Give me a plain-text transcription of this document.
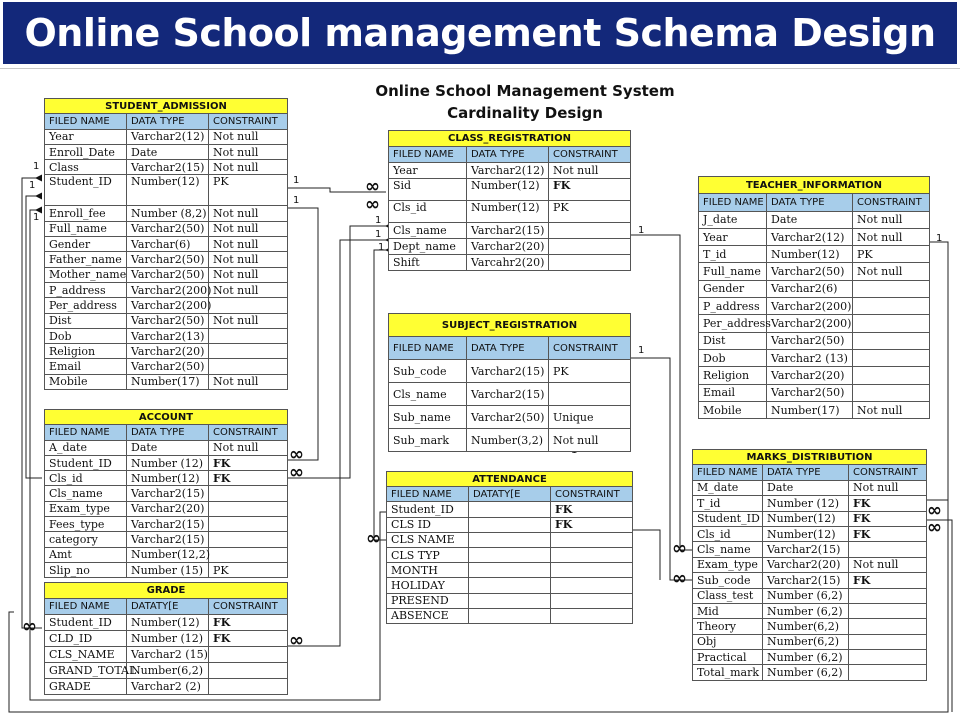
Online School management Schema Design
Online School Management System
Cardinality Design
1
1
1
1
1
1
1
1
1
1
1
∞
∞
∞
∞
∞
∞
∞	∞
∞
∞
∞
STUDENT_ADMISSION		
FILED NAME	DATA TYPE	CONSTRAINT
Year	Varchar2(12)	Not null
Enroll_Date	Date	Not null
Class	Varchar2(15)	Not null
Student_ID	Number(12)	PK
Enroll_fee	Number (8,2)	Not null
Full_name	Varchar2(50)	Not null
Gender	Varchar(6)	Not null
Father_name	Varchar2(50)	Not null
Mother_name	Varchar2(50)	Not null
P_address	Varchar2(200)	Not null
Per_address	Varchar2(200)	
Dist	Varchar2(50)	Not null
Dob	Varchar2(13)	
Religion	Varchar2(20)	
Email	Varchar2(50)	
Mobile	Number(17)	Not null
ACCOUNT		
FILED NAME	DATA TYPE	CONSTRAINT
A_date	Date	Not null
Student_ID	Number (12)	FK
Cls_id	Number(12)	FK
Cls_name	Varchar2(15)	
Exam_type	Varchar2(20)	
Fees_type	Varchar2(15)	
category	Varchar2(15)	
Amt	Number(12,2)	
Slip_no	Number (15)	PK
GRADE		
FILED NAME	DATATY[E	CONSTRAINT
Student_ID	Number(12)	FK
CLD_ID	Number (12)	FK
CLS_NAME	Varchar2 (15)	
GRAND_TOTAL	Number(6,2)	
GRADE	Varchar2 (2)	
CLASS_REGISTRATION		
FILED NAME	DATA TYPE	CONSTRAINT
Year	Varchar2(12)	Not null
Sid	Number(12)	FK
Cls_id	Number(12)	PK
Cls_name	Varchar2(15)	
Dept_name	Varchar2(20)	
Shift	Varcahr2(20)	
SUBJECT_REGISTRATION		
FILED NAME	DATA TYPE	CONSTRAINT
Sub_code	Varchar2(15)	PK
Cls_name	Varchar2(15)	
Sub_name	Varchar2(50)	Unique
Sub_mark	Number(3,2)	Not null
ATTENDANCE		
FILED NAME	DATATY[E	CONSTRAINT
Student_ID		FK
CLS ID		FK
CLS NAME		
CLS TYP		
MONTH		
HOLIDAY		
PRESEND		
ABSENCE		
TEACHER_INFORMATION		
FILED NAME	DATA TYPE	CONSTRAINT
J_date	Date	Not null
Year	Varchar2(12)	Not null
T_id	Number(12)	PK
Full_name	Varchar2(50)	Not null
Gender	Varchar2(6)	
P_address	Varchar2(200)	
Per_address	Varchar2(200)	
Dist	Varchar2(50)	
Dob	Varchar2 (13)	
Religion	Varchar2(20)	
Email	Varchar2(50)	
Mobile	Number(17)	Not null
MARKS_DISTRIBUTION		
FILED NAME	DATA TYPE	CONSTRAINT
M_date	Date	Not null
T_id	Number (12)	FK
Student_ID	Number(12)	FK
Cls_id	Number(12)	FK
Cls_name	Varchar2(15)	
Exam_type	Varchar2(20)	Not null
Sub_code	Varchar2(15)	FK
Class_test	Number (6,2)	
Mid	Number (6,2)	
Theory	Number(6,2)	
Obj	Number(6,2)	
Practical	Number (6,2)	
Total_mark	Number (6,2)	
